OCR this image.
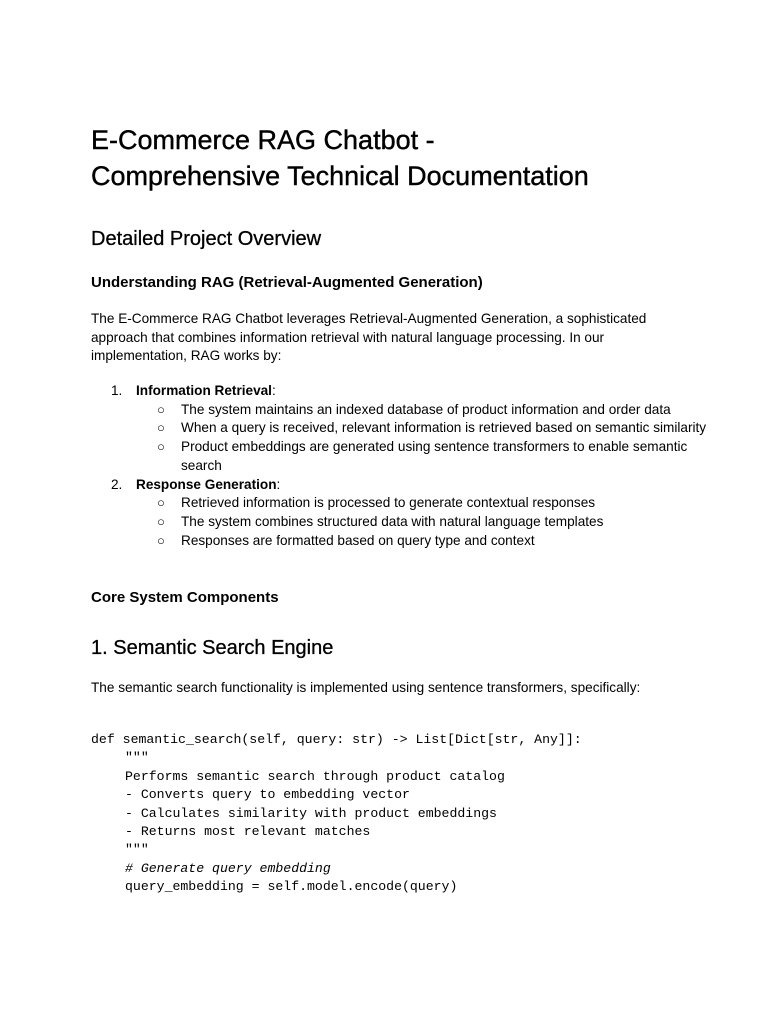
E-Commerce RAG Chatbot -
Comprehensive Technical Documentation
Detailed Project Overview
Understanding RAG (Retrieval-Augmented Generation)

The E-Commerce RAG Chatbot leverages Retrieval-Augmented Generation, a sophisticated approach that combines information retrieval with natural language processing. In our implementation, RAG works by:

1.	Information Retrieval:
○ The system maintains an indexed database of product information and order data
○ When a query is received, relevant information is retrieved based on semantic similarity
○ Product embeddings are generated using sentence transformers to enable semantic search
2.	Response Generation:
○ Retrieved information is processed to generate contextual responses
○ The system combines structured data with natural language templates
○ Responses are formatted based on query type and context
Core System Components
1. Semantic Search Engine

The semantic search functionality is implemented using sentence transformers, specifically:

def semantic_search(self, query: str) -> List[Dict[str, Any]]:
"""
Performs semantic search through product catalog
- Converts query to embedding vector
- Calculates similarity with product embeddings
- Returns most relevant matches
"""
# Generate query embedding
query_embedding = self.model.encode(query)
